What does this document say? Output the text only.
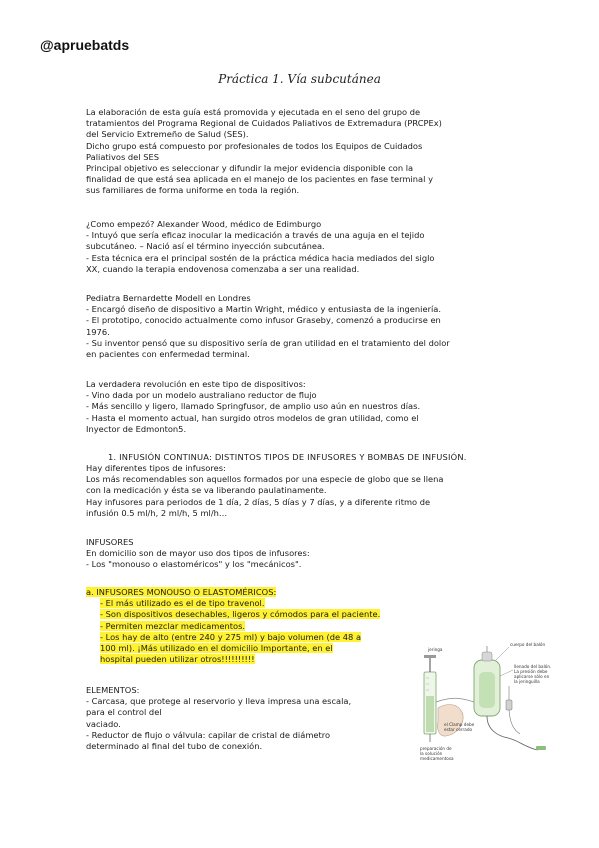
@apruebatds
Práctica 1. Vía subcutánea
La elaboración de esta guía está promovida y ejecutada en el seno del grupo de
tratamientos del Programa Regional de Cuidados Paliativos de Extremadura (PRCPEx)
del Servicio Extremeño de Salud (SES).
Dicho grupo está compuesto por profesionales de todos los Equipos de Cuidados
Paliativos del SES
Principal objetivo es seleccionar y difundir la mejor evidencia disponible con la
finalidad de que está sea aplicada en el manejo de los pacientes en fase terminal y
sus familiares de forma uniforme en toda la región.
¿Como empezó? Alexander Wood, médico de Edimburgo
- Intuyó que sería eficaz inocular la medicación a través de una aguja en el tejido
subcutáneo. – Nació así el término inyección subcutánea.
- Esta técnica era el principal sostén de la práctica médica hacia mediados del siglo
XX, cuando la terapia endovenosa comenzaba a ser una realidad.
Pediatra Bernardette Modell en Londres
- Encargó diseño de dispositivo a Martin Wright, médico y entusiasta de la ingeniería.
- El prototipo, conocido actualmente como infusor Graseby, comenzó a producirse en
1976.
- Su inventor pensó que su dispositivo sería de gran utilidad en el tratamiento del dolor
en pacientes con enfermedad terminal.
La verdadera revolución en este tipo de dispositivos:
- Vino dada por un modelo australiano reductor de flujo
- Más sencillo y ligero, llamado Springfusor, de amplio uso aún en nuestros días.
- Hasta el momento actual, han surgido otros modelos de gran utilidad, como el
Inyector de Edmonton5.
1. INFUSIÓN CONTINUA: DISTINTOS TIPOS DE INFUSORES Y BOMBAS DE INFUSIÓN.
Hay diferentes tipos de infusores:
Los más recomendables son aquellos formados por una especie de globo que se llena
con la medicación y ésta se va liberando paulatinamente.
Hay infusores para periodos de 1 día, 2 días, 5 días y 7 días, y a diferente ritmo de
infusión 0.5 ml/h, 2 ml/h, 5 ml/h…
INFUSORES
En domicilio son de mayor uso dos tipos de infusores:
- Los "monouso o elastoméricos" y los "mecánicos".
a. INFUSORES MONOUSO O ELASTOMÉRICOS:
- El más utilizado es el de tipo travenol.
- Son dispositivos desechables, ligeros y cómodos para el paciente.
- Permiten mezclar medicamentos.
- Los hay de alto (entre 240 y 275 ml) y bajo volumen (de 48 a
100 ml). ¡Más utilizado en el domicilio Importante, en el
hospital pueden utilizar otros!!!!!!!!!!
ELEMENTOS:
- Carcasa, que protege al reservorio y lleva impresa una escala,
para el control del
vaciado.
- Reductor de flujo o válvula: capilar de cristal de diámetro
determinado al final del tubo de conexión.
jeringa
cuerpo del balón
llenado del balón.
La presión debe
aplicarse sólo en
la jeringuilla
el Clamp debe
estar cerrado
preparación de
la solución
medicamentosa
